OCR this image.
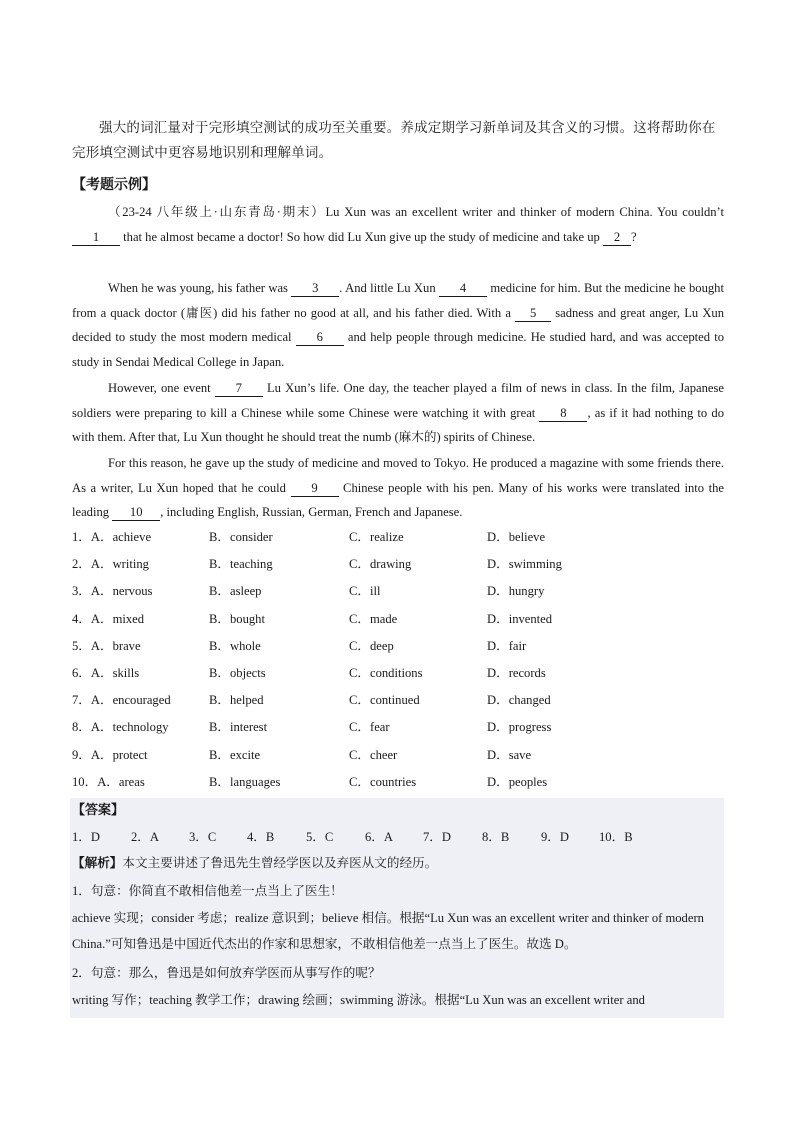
强大的词汇量对于完形填空测试的成功至关重要。养成定期学习新单词及其含义的习惯。这将帮助你在完形填空测试中更容易地识别和理解单词。
【考题示例】
（23-24 八年级上·山东青岛·期末）Lu Xun was an excellent writer and thinker of modern China. You couldn’t 1 that he almost became a doctor! So how did Lu Xun give up the study of medicine and take up 2 ?
When he was young, his father was 3 . And little Lu Xun 4 medicine for him. But the medicine he bought from a quack doctor (庸医) did his father no good at all, and his father died. With a 5 sadness and great anger, Lu Xun decided to study the most modern medical 6 and help people through medicine. He studied hard, and was accepted to study in Sendai Medical College in Japan.
However, one event 7 Lu Xun’s life. One day, the teacher played a film of news in class. In the film, Japanese soldiers were preparing to kill a Chinese while some Chinese were watching it with great 8 , as if it had nothing to do with them. After that, Lu Xun thought he should treat the numb (麻木的) spirits of Chinese.
For this reason, he gave up the study of medicine and moved to Tokyo. He produced a magazine with some friends there. As a writer, Lu Xun hoped that he could 9 Chinese people with his pen. Many of his works were translated into the leading 10 , including English, Russian, German, French and Japanese.
1．A．achieve	B．consider	C．realize	D．believe
2．A．writing	B．teaching	C．drawing	D．swimming
3．A．nervous	B．asleep	C．ill	D．hungry
4．A．mixed	B．bought	C．made	D．invented
5．A．brave	B．whole	C．deep	D．fair
6．A．skills	B．objects	C．conditions	D．records
7．A．encouraged	B．helped	C．continued	D．changed
8．A．technology	B．interest	C．fear	D．progress
9．A．protect	B．excite	C．cheer	D．save
10．A．areas	B．languages	C．countries	D．peoples
【答案】
1．D 2．A 3．C 4．B	5．C	6．A 7．D 8．B	9．D 10．B
【解析】本文主要讲述了鲁迅先生曾经学医以及弃医从文的经历。
1．句意：你简直不敢相信他差一点当上了医生！
achieve 实现；consider 考虑；realize 意识到；believe 相信。根据“Lu Xun was an excellent writer and thinker of modern China.”可知鲁迅是中国近代杰出的作家和思想家，不敢相信他差一点当上了医生。故选 D。
2．句意：那么，鲁迅是如何放弃学医而从事写作的呢？
writing 写作；teaching 教学工作；drawing 绘画；swimming 游泳。根据“Lu Xun was an excellent writer and
